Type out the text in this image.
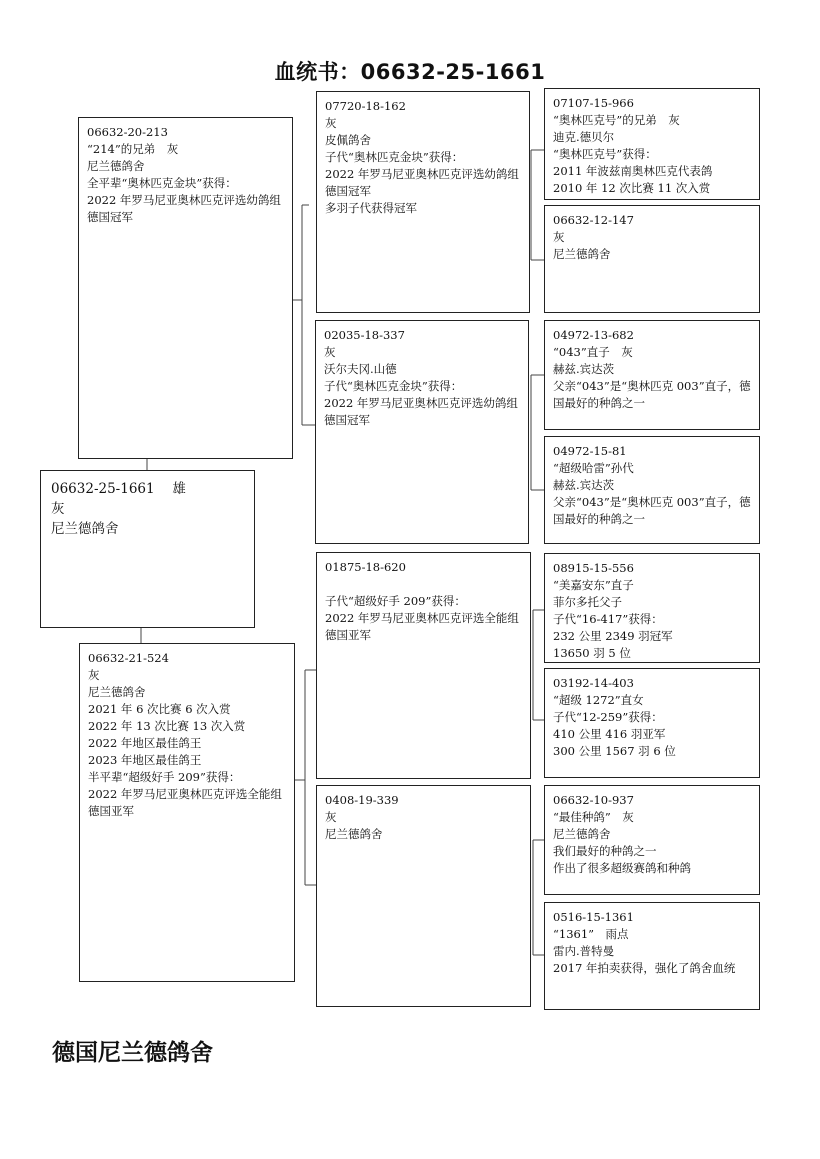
血统书：06632-25-1661
06632-25-1661　 雄
灰
尼兰德鸽舍
06632-20-213
“214”的兄弟　灰
尼兰德鸽舍
全平辈“奥林匹克金块”获得：
2022 年罗马尼亚奥林匹克评选幼鸽组德国冠军
06632-21-524
灰
尼兰德鸽舍
2021 年 6 次比赛 6 次入赏
2022 年 13 次比赛 13 次入赏
2022 年地区最佳鸽王
2023 年地区最佳鸽王
半平辈“超级好手 209”获得：
2022 年罗马尼亚奥林匹克评选全能组德国亚军
07720-18-162
灰
皮佩鸽舍
子代“奥林匹克金块”获得：
2022 年罗马尼亚奥林匹克评选幼鸽组德国冠军
多羽子代获得冠军
02035-18-337
灰
沃尔夫冈.山德
子代“奥林匹克金块”获得：
2022 年罗马尼亚奥林匹克评选幼鸽组德国冠军
01875-18-620
子代“超级好手 209”获得：
2022 年罗马尼亚奥林匹克评选全能组德国亚军
0408-19-339
灰
尼兰德鸽舍
07107-15-966
“奥林匹克号”的兄弟　灰
迪克.德贝尔
“奥林匹克号”获得：
2011 年波兹南奥林匹克代表鸽
2010 年 12 次比赛 11 次入赏
06632-12-147
灰
尼兰德鸽舍
04972-13-682
“043”直子　灰
赫兹.宾达茨
父亲“043”是“奥林匹克 003”直子，德国最好的种鸽之一
04972-15-81
“超级哈雷”孙代
赫兹.宾达茨
父亲“043”是“奥林匹克 003”直子，德国最好的种鸽之一
08915-15-556
“美嘉安东”直子
菲尔多托父子
子代“16-417”获得：
232 公里 2349 羽冠军
13650 羽 5 位
03192-14-403
“超级 1272”直女
子代“12-259”获得：
410 公里 416 羽亚军
300 公里 1567 羽 6 位
06632-10-937
“最佳种鸽”　灰
尼兰德鸽舍
我们最好的种鸽之一
作出了很多超级赛鸽和种鸽
0516-15-1361
“1361”　雨点
雷内.普特曼
2017 年拍卖获得，强化了鸽舍血统
德国尼兰德鸽舍
